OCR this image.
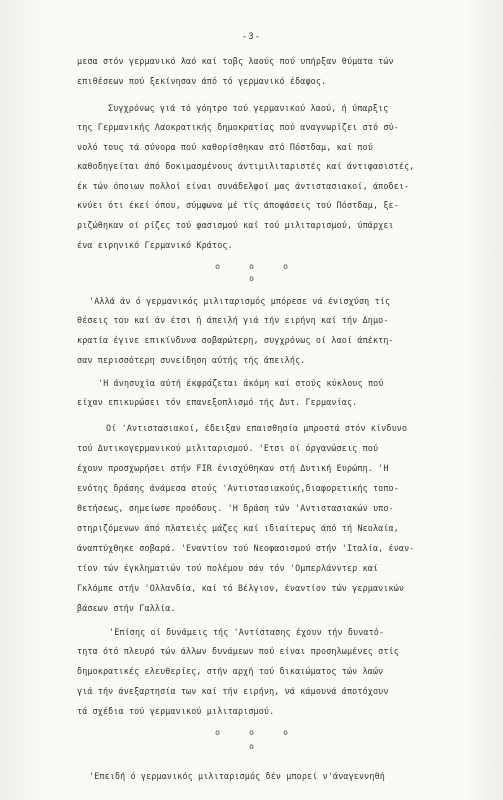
-3-
μεσα στόν γερμανικό λαό καί τοβς λαούς πού υπήρξαν θύματα τών
επιθέσεων πού ξεκίνησαν άπό τό γερμανικό έδαφος.
Συγχρόνως γιά τό γόητρο τού γερμανικού λαού, ή ύπαρξις
της Γερμανικής Λαοκρατικής δημοκρατίας πού αναγνωρίζει στό σύ-
νολό τους τά σύνορα πού καθορίσθηκαν στό Πόστδαμ, καί πού
καθοδηγείται άπό δοκιμασμένους άντιμιλιταριστές καί άντιφασιστές,
έκ τών όποιων πολλοί είναι συνάδελφοί μας άντιστασιακοί, άποδει-
κνύει ότι έκεί όπου, σύμφωνα μέ τίς άποφάσεις τού Πόστδαμ, ξε-
ριζώθηκαν οί ρίζες τού φασισμού καί τού μιλιταρισμού, ύπάρχει
ένα ειρηνικό Γερμανικό Κράτος.
o	o	o
o
'Αλλά άν ό γερμανικός μιλιταρισμός μπόρεσε νά ένισχύση τίς
θέσεις του καί άν έτσι ή άπειλή γιά τήν ειρήνη καί τήν Δημο-
κρατία έγινε επικίνδυνα σοβαρώτερη, συγχρόνως οί λαοί άπέκτη-
σαν περισσότερη συνείδηση αύτής τής άπειλής.
'Η άνησυχία αύτή έκφράζεται άκόμη καί στούς κύκλους πού
είχαν επικυρώσει τόν επανεξοπλισμό τής Δυτ. Γερμανίας.
Οί 'Αντιστασιακοί, έδειξαν επαισθησία μπροστά στόν κίνδυνο
τού Δυτικογερμανικού μιλιταρισμού. 'Ετσι οί όργανώσεις πού
έχουν προσχωρήσει στήν FIR ένισχύθηκαν στή Δυτική Ευρώπη. 'Η
ενότης δράσης άνάμεσα στούς 'Αντιστασιακούς,διαφορετικής τοπο-
θετήσεως, σημείωσε προόδους. 'Η δράση τών 'Αντιστασιακών υπο-
στηριζόμενων άπό πλατειές μάζες καί ιδιαίτερως άπό τή Νεολαία,
άναπτύχθηκε σοβαρά. 'Εναντίον τού Νεοφασισμού στήν 'Ιταλία, έναν-
τίον τών έγκληματιών τού πολέμου σάν τόν 'Ομπερλάνντερ καί
Γκλόμπε στήν 'Ολλανδία, καί τό Βέλγιον, έναντίον τών γερμανικών
βάσεων στήν Γαλλία.
'Επίσης οί δυνάμεις τής 'Αντίστασης έχουν τήν δυνατό-
τητα ότό πλευρό τών άλλων δυνάμεων πού είναι προσηλωμένες στίς
δημοκρατικές ελευθερίες, στήν αρχή τού δικαιώματος τών λαών
γιά τήν άνεξαρτησία των καί τήν ειρήνη, νά κάμουνά άποτόχουν
τά σχέδια τού γερμανικού μιλιταρισμού.
o	o	o
o
'Επειδή ό γερμανικός μιλιταρισμός δέν μπορεί ν'άναγεννηθή
